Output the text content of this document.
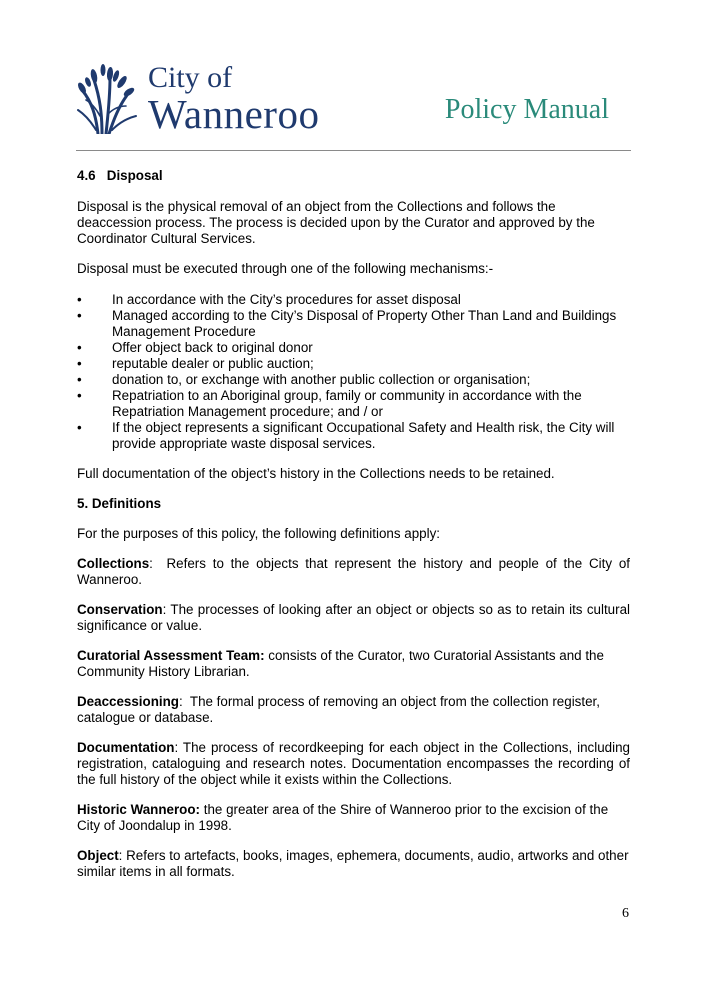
City of
Wanneroo	Policy Manual

4.6   Disposal

Disposal is the physical removal of an object from the Collections and follows the deaccession process. The process is decided upon by the Curator and approved by the Coordinator Cultural Services.

Disposal must be executed through one of the following mechanisms:-

• In accordance with the City’s procedures for asset disposal
• Managed according to the City’s Disposal of Property Other Than Land and Buildings Management Procedure
• Offer object back to original donor
• reputable dealer or public auction;
• donation to, or exchange with another public collection or organisation;
• Repatriation to an Aboriginal group, family or community in accordance with the Repatriation Management procedure; and / or
• If the object represents a significant Occupational Safety and Health risk, the City will provide appropriate waste disposal services.

Full documentation of the object’s history in the Collections needs to be retained.

5. Definitions

For the purposes of this policy, the following definitions apply:

Collections:  Refers to the objects that represent the history and people of the City of Wanneroo.

Conservation: The processes of looking after an object or objects so as to retain its cultural significance or value.

Curatorial Assessment Team: consists of the Curator, two Curatorial Assistants and the Community History Librarian.

Deaccessioning:  The formal process of removing an object from the collection register, catalogue or database.

Documentation: The process of recordkeeping for each object in the Collections, including registration, cataloguing and research notes. Documentation encompasses the recording of the full history of the object while it exists within the Collections.

Historic Wanneroo: the greater area of the Shire of Wanneroo prior to the excision of the City of Joondalup in 1998.

Object: Refers to artefacts, books, images, ephemera, documents, audio, artworks and other similar items in all formats.

6
